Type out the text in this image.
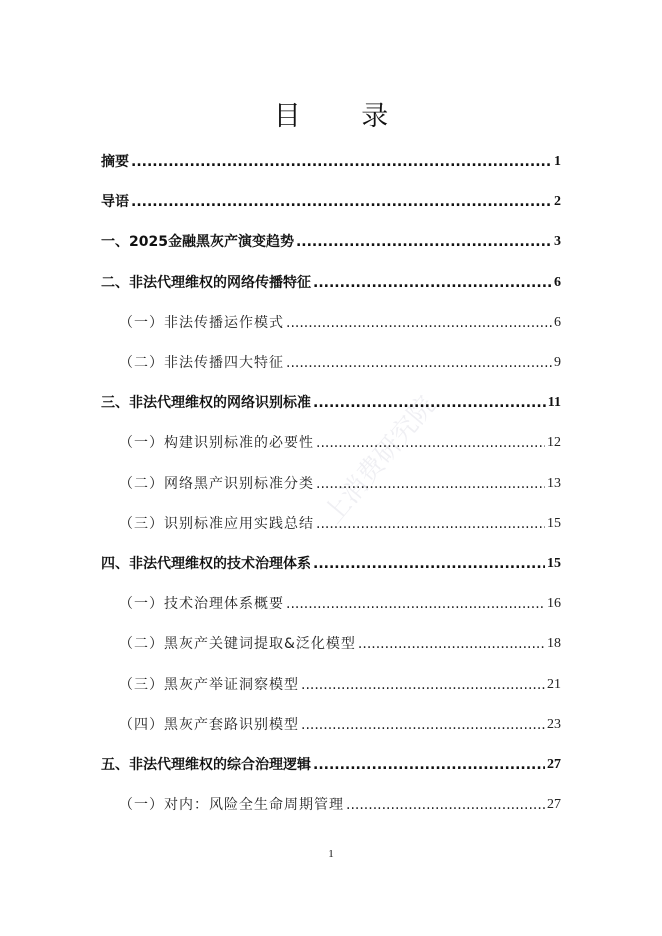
目 录
上消费研究院
摘要 .....	1
导语 .....	2
一、2025金融黑灰产演变趋势 .....	3
二、非法代理维权的网络传播特征 .....	6
（一）非法传播运作模式 .....	6
（二）非法传播四大特征 .....	9
三、非法代理维权的网络识别标准 .....	11
（一）构建识别标准的必要性 .....	12
（二）网络黑产识别标准分类 .....	13
（三）识别标准应用实践总结 .....	15
四、非法代理维权的技术治理体系 .....	15
（一）技术治理体系概要 .....	16
（二）黑灰产关键词提取&泛化模型 .....	18
（三）黑灰产举证洞察模型 .....	21
（四）黑灰产套路识别模型 .....	23
五、非法代理维权的综合治理逻辑 .....	27
（一）对内：风险全生命周期管理 .....	27
1
